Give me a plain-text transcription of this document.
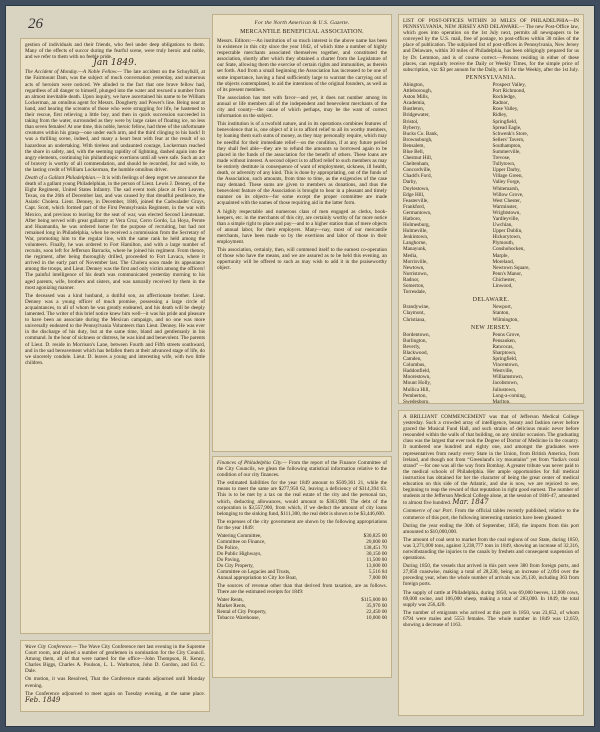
26

gestion of individuals and their friends, who feel under deep obligations to them. Many of the effects of succor during the fearful scene, were truly heroic and noble, and we refer to them with no feeble pride.

Jan 1849.

The Accident of Monday.—A Noble Fellow.— The late accident on the Schuylkill, at the Fairmount Dam, was the subject of much conversation yesterday, and numerous acts of heroism were noticed. We alluded to the fact that one brave fellow had, regardless of all danger to himself, plunged into the water and rescued a number from an almost inevitable death. Upon inquiry, we have ascertained his name to be William Lockerman, an omnibus agent for Messrs. Dougherty and Power's line. Being near at hand, and hearing the screams of those who were struggling for life, he hastened to their rescue, first relieving a little boy, and then in quick succession succeeded in taking from the water, surrounded as they were by large cakes of floating ice, no less than seven females! At one time, this noble, heroic fellow, had three of the unfortunate creatures within his grasp—one under each arm, and the third clinging to his back! It was a thrilling scene, indeed, and many a heart beat with fear at the result of so hazardous an undertaking. With tireless and undaunted courage, Lockerman reached the shore in safety, and, with the seeming rapidity of lightning, dashed again into the angry elements, continuing his philanthropic exertions until all were safe. Such an act of bravery is worthy of all commendation, and should be recorded, for and wide, to the lasting credit of William Lockerman, the humble omnibus driver.

Death of a Gallant Philadelphian.— It is with feelings of deep regret we announce the death of a gallant young Philadelphian, in the person of Lieut. Lewis J. Denney, of the Eight Regiment, United States Infantry. The sad event took place at Fort Leaven, Texas, on the 26th of December last, and was caused by that dreadful pestilence, the Asiatic Cholera. Lieut. Denney, in December, 1846, joined the Cadwalader Grays, Capt. Scott, which formed part of the First Pennsylvania Regiment, in the war with Mexico, and previous to leaving for the seat of war, was elected Second Lieutenant. After being served with great gallantry at Vera Cruz, Cerro Gordo, La Hoya, Perote and Huamantla, he was ordered home for the purpose of recruiting, but had not remained long in Philadelphia, when he received a commission from the Secretary of War, promoting him to the regular line, with the same rank he held among the volunteers. Finally, he was ordered to Fort Hamilton, and with a large number of recruits, soon left for Jefferson Barracks, where he joined his regiment. From thence, the regiment, after being thoroughly drilled, proceeded to Fort Lavaca, where it arrived in the early part of November last. The Cholera soon made its appearance among the troops, and Lieut. Denney was the first and only victim among the officers! The painful intelligence of his death was communicated yesterday morning to his aged parents, wife, brothers and sisters, and was naturally received by them in the most agonizing manner.

The deceased was a kind husband, a dutiful son, an affectionate brother. Lieut. Denney was a young officer of much promise, possessing a large circle of acquaintances, to all of whom he was greatly endeared, and his death will be deeply lamented. The writer of this brief notice knew him well—it was his pride and pleasure to have been an associate during the Mexican campaign, and no one was more universally endeared to the Pennsylvania Volunteers than Lieut. Denney. He was ever in the discharge of his duty, but at the same time, bland and gentlemanly in his command. In the hour of sickness or distress, he was kind and benevolent. The parents of Lieut. D. reside in Morrison's Lane, between Fourth and Fifth streets southward, and in the sad bereavement which has befallen them at their advanced stage of life, do we sincerely condole. Lieut. D. leaves a young and interesting wife, with two little children.

Wave City Conference.— The Wave City Conference met last evening in the Supreme Court room, and placed a number of gentlemen in nomination for the City Council. Among them, all of that were named for the office—John Thompson, R. Kenny, Charles Biggs, Charles A. Poulson, L. L. Warburton, John D. Gordon, and Ed. C. Dale.

On motion, it was Resolved, That the Conference stands adjourned until Monday evening.

The Conference adjourned to meet again on Tuesday evening, at the same place. Feb. 1849

For the North American & U.S. Gazette.
MERCANTILE BENEFICIAL ASSOCIATION.

Messrs. Editors:—An institution of so much interest is the above name has been in existence in this city since the year 1842, of which time a number of highly respectable merchants associated themselves together, and constituted the association, shortly after which they obtained a charter from the Legislature of our State, allowing them the exercise of certain rights and immunities, as therein set forth. And from a small beginning the Association has increased to be one of some importance, having a fund sufficiently large to warrant the carrying out of the objects contemplated, to aid the intentions of the original founders, as well as of its present members.

The association has met with favor—and yet, it does not number among its annual or life members all of the independent and benevolent merchants of the city and county—the cause of which perhaps, may be the want of correct information on the subject.

This institution is of a twofold nature, and in its operations combines features of benevolence that is, one object of it is to afford relief to all its worthy members, by loaning them such sums of money, as they may personally require, which may be needful for their immediate relief—on the condition, if at any future period they shall feel able—they are to refund the amounts so borrowed again to be placed in the funds of the association for the benefit of others. These loans are made without interest. A second object is to afford relief to such members as may be entirely destitute in consequence of want of employment, sickness, ill health, death, or adversity of any kind. This is done by appropriating, out of the funds of the Association, such amounts, from time to time, as the exigencies of the case may demand. These sums are given to members as donations, and thus the benevolent feature of the Association is brought to bear in a pleasant and timely manner on its objects—for some except the proper committee are made acquainted with the names of those requiring aid in the latter form.

A highly respectable and numerous class of men engaged as clerks, book-keepers, etc. in the merchants of this city, are certainly worthy of far more notice than a simple right to place and pay—and to a higher station than of mere objects of annual labor, for their employers. Many—nay, most of our mercantile merchants, have been made so by the exertions and labor of those in their employment.

This association, certainly, then, will commend itself to the earnest co-operation of those who have the means, and we are assured as to be held this evening, an opportunity will be offered to such as may wish to add it in the praiseworthy object.

Finances of Philadelphia City.— From the report of the Finance Committee of the City Councils, we glean the following statistical information relative to the condition of our city finances.

The estimated liabilities for the year 1849 amount to $509,361 21, while the means to meet the same are $277,950 62, leaving a deficiency of $314,394 63. This is to be met by a tax on the real estate of the city and the personal tax, which, deducting allowances, would amount to $303,908. The debt of the corporation is $3,557,900, from which, if we deduct the amount of city loans belonging to the sinking fund, $111,300, the real debt is shown to be $3,446,600.

The expenses of the city government are shown by the following appropriations for the year 1849:

Watering Committee,	$30,825 00
Committee on Finance,	20,000 00
Do Police,	138,451 70
Do Public Highways,	30,150 00
Do Paving,	11,500 00
Do City Property,	13,600 00
Committee on Legacies and Trusts,	5,516 84
Annual appropriation to City Ice Boat,	7,000 00

The sources of revenue other than that derived from taxation, are as follows. There are the estimated receipts for 1849:

Water Rents,	$115,000 00
Market Rents,	35,970 00
Rental of City Property,	22,450 00
Tobacco Warehouse,	10,000 00

LIST OF POST-OFFICES WITHIN 30 MILES OF PHILADELPHIA—IN PENNSYLVANIA, NEW JERSEY AND DELAWARE.— The new Post-Office law, which goes into operation on the 1st July next, permits all newspapers to be conveyed by the U.S. mail, free of postage, to post-offices within 30 miles of the place of publication. The subjoined list of post-offices in Pennsylvania, New Jersey and Delaware, within 30 miles of Philadelphia, has been obligingly prepared for us by Dr. Lemmon, and is of course correct.—Persons residing in either of these places, can regularly receive the Daily or Weekly Times, for the simple price of subscription, viz: $3 per annum for the Daily, or $1 for the Weekly, after the 1st July.

PENNSYLVANIA.
Abington,
Attleborough,
Aston Mills,
Academia,
Bustleton,
Bridgewater,
Bristol,
Byberry,
Bucks Co. Bank,
Brownsburgh,
Bensalem,
Blue Bell,
Chestnut Hill,
Cheltenham,
Concordville,
Chadd's Ford,
Darby,
Doylestown,
Edge Hill,
Feasterville,
Frankford,
Germantown,
Hatboro,
Holmesburg,
Hulmeville,
Jenkintown,
Langhorne,
Manayunk,
Media,
Morrisville,
Newtown,
Norristown,
Radnor,
Somerton,
Torresdale,
Prospect Valley,
Port Richmond,
Rockledge,
Radnor,
Rose Valley,
Ridley,
Springfield,
Spread Eagle,
Schwenk's Store,
Sellers' Tavern,
Southampton,
Summerville,
Trevose,
Tullytown,
Upper Darby,
Village Green,
Valley Forge,
Whitemarsh,
Willow Grove,
West Chester,
Warminster,
Wrightstown,
Yardleyville,
Uwchlan,
Upper Dublin,
Hickorytown,
Plymouth,
Conshohocken,
Marple,
Moreland,
Newtown Square,
Penn's Manor,
Chichester,
Linwood,
DELAWARE.
Brandywine,
Claymont,
Christiana,
Newport,
Stanton,
Wilmington,
NEW JERSEY.
Bordentown,
Burlington,
Beverly,
Blackwood,
Camden,
Columbus,
Haddonfield,
Moorestown,
Mount Holly,
Mullica Hill,
Pemberton,
Swedesboro,
Penns Grove,
Pensauken,
Rancocas,
Sharptown,
Springfield,
Vincentown,
Westville,
Williamstown,
Jacobstown,
Juliustown,
Long-a-coming,
Marlton,

A BRILLIANT COMMENCEMENT was that of Jefferson Medical College yesterday. Such a crowded array of intelligence, beauty and fashion never before graced the Musical Fund Hall, and such strains of delicious music never before resounded within the walls of that building, on any similar occasion. The graduating class was the largest that ever took the Degree of Doctor of Medicine in the country. It numbered one hundred and eighty one, and amongst the graduates were representatives from nearly every State in the Union, from British America, from Ireland, and though not from “Greenland's icy mountains” yet from “India's coral strand” —for one was all the way from Bombay. A greater tribute was never paid to the medical schools of Philadelphia. Her ample opportunities for full medical instruction has obtained for her the character of being the great center of medical education on this side of the Atlantic, and she is now, we are rejoiced to see, beginning to reap the reward of that reputation in right good earnest. The number of students at the Jefferson Medical College alone, at the session of 1846-47, amounted to almost five hundred. Mar. 1847

Commerce of our Port. From the official tables recently published, relative to the commerce of this port, the following interesting statistics have been gleaned:

During the year ending the 30th of September, 1850, the imports from this port amounted to $10,000,000.

The amount of coal sent to market from the coal regions of our State, during 1850, was 3,271,000 tons, against 3,238,777 tons in 1849, showing an increase of 32,316, notwithstanding the injuries to the canals by freshets and consequent suspension of operations.

During 1850, the vessels that arrived in this port were 380 from foreign ports, and 27,850 coastwise, making a total of 28,230, being an increase of 2,094 over the preceding year, when the whole number of arrivals was 26,130, including 363 from foreign ports.

The supply of cattle at Philadelphia, during 1850, was 69,000 beeves, 12,000 cows, 69,000 swine, and 106,000 sheep, making a total of 283,000. In 1849, the total supply was 256,420.

The number of emigrants who arrived at this port in 1850, was 23,652, of whom 6794 were males and 5553 females. The whole number in 1849 was 12,659, showing a decrease of 1163.
